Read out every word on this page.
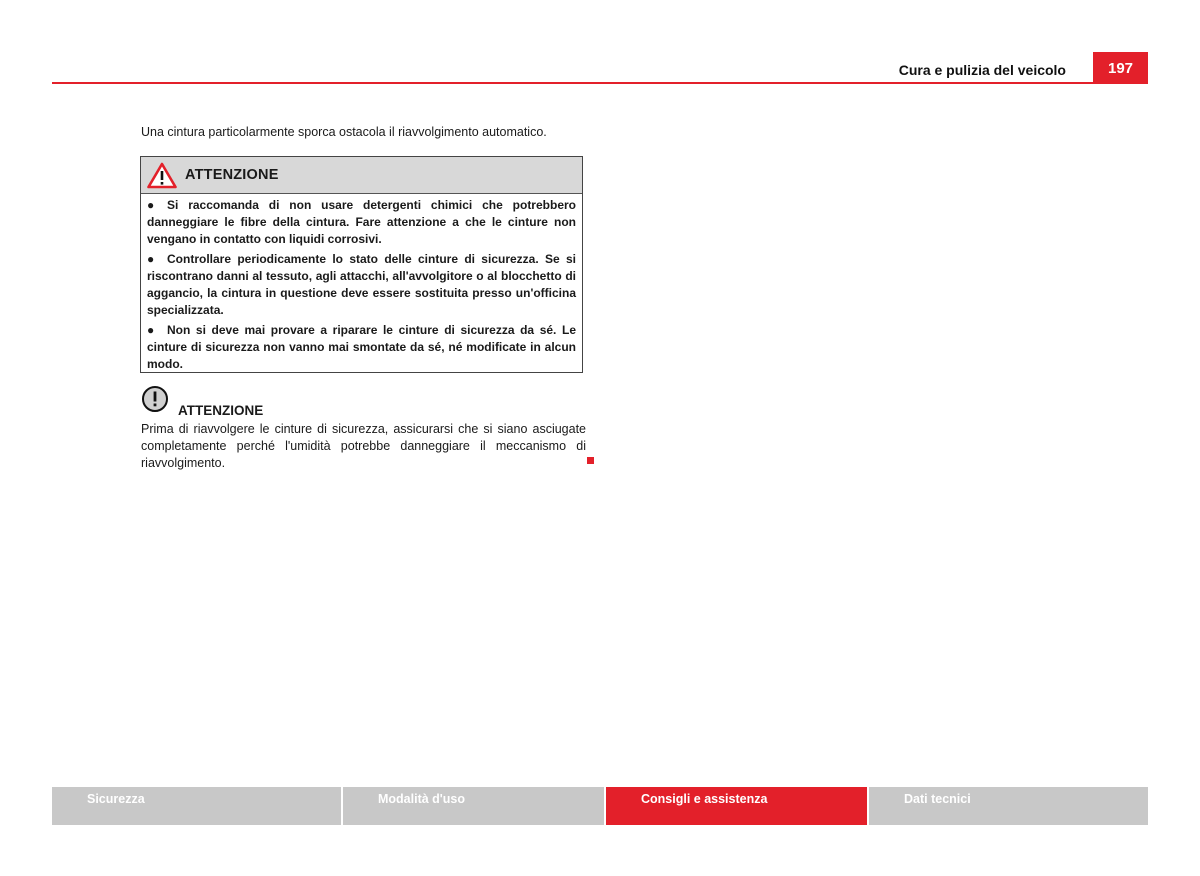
Cura e pulizia del veicolo	197
Una cintura particolarmente sporca ostacola il riavvolgimento automatico.
ATTENZIONE
● Si raccomanda di non usare detergenti chimici che potrebbero danneggiare le fibre della cintura. Fare attenzione a che le cinture non vengano in contatto con liquidi corrosivi.
● Controllare periodicamente lo stato delle cinture di sicurezza. Se si riscontrano danni al tessuto, agli attacchi, all'avvolgitore o al blocchetto di aggancio, la cintura in questione deve essere sostituita presso un'officina specializzata.
● Non si deve mai provare a riparare le cinture di sicurezza da sé. Le cinture di sicurezza non vanno mai smontate da sé, né modificate in alcun modo.
ATTENZIONE
Prima di riavvolgere le cinture di sicurezza, assicurarsi che si siano asciugate completamente perché l'umidità potrebbe danneggiare il meccanismo di riavvolgimento.
Sicurezza	Modalità d'uso	Consigli e assistenza	Dati tecnici
